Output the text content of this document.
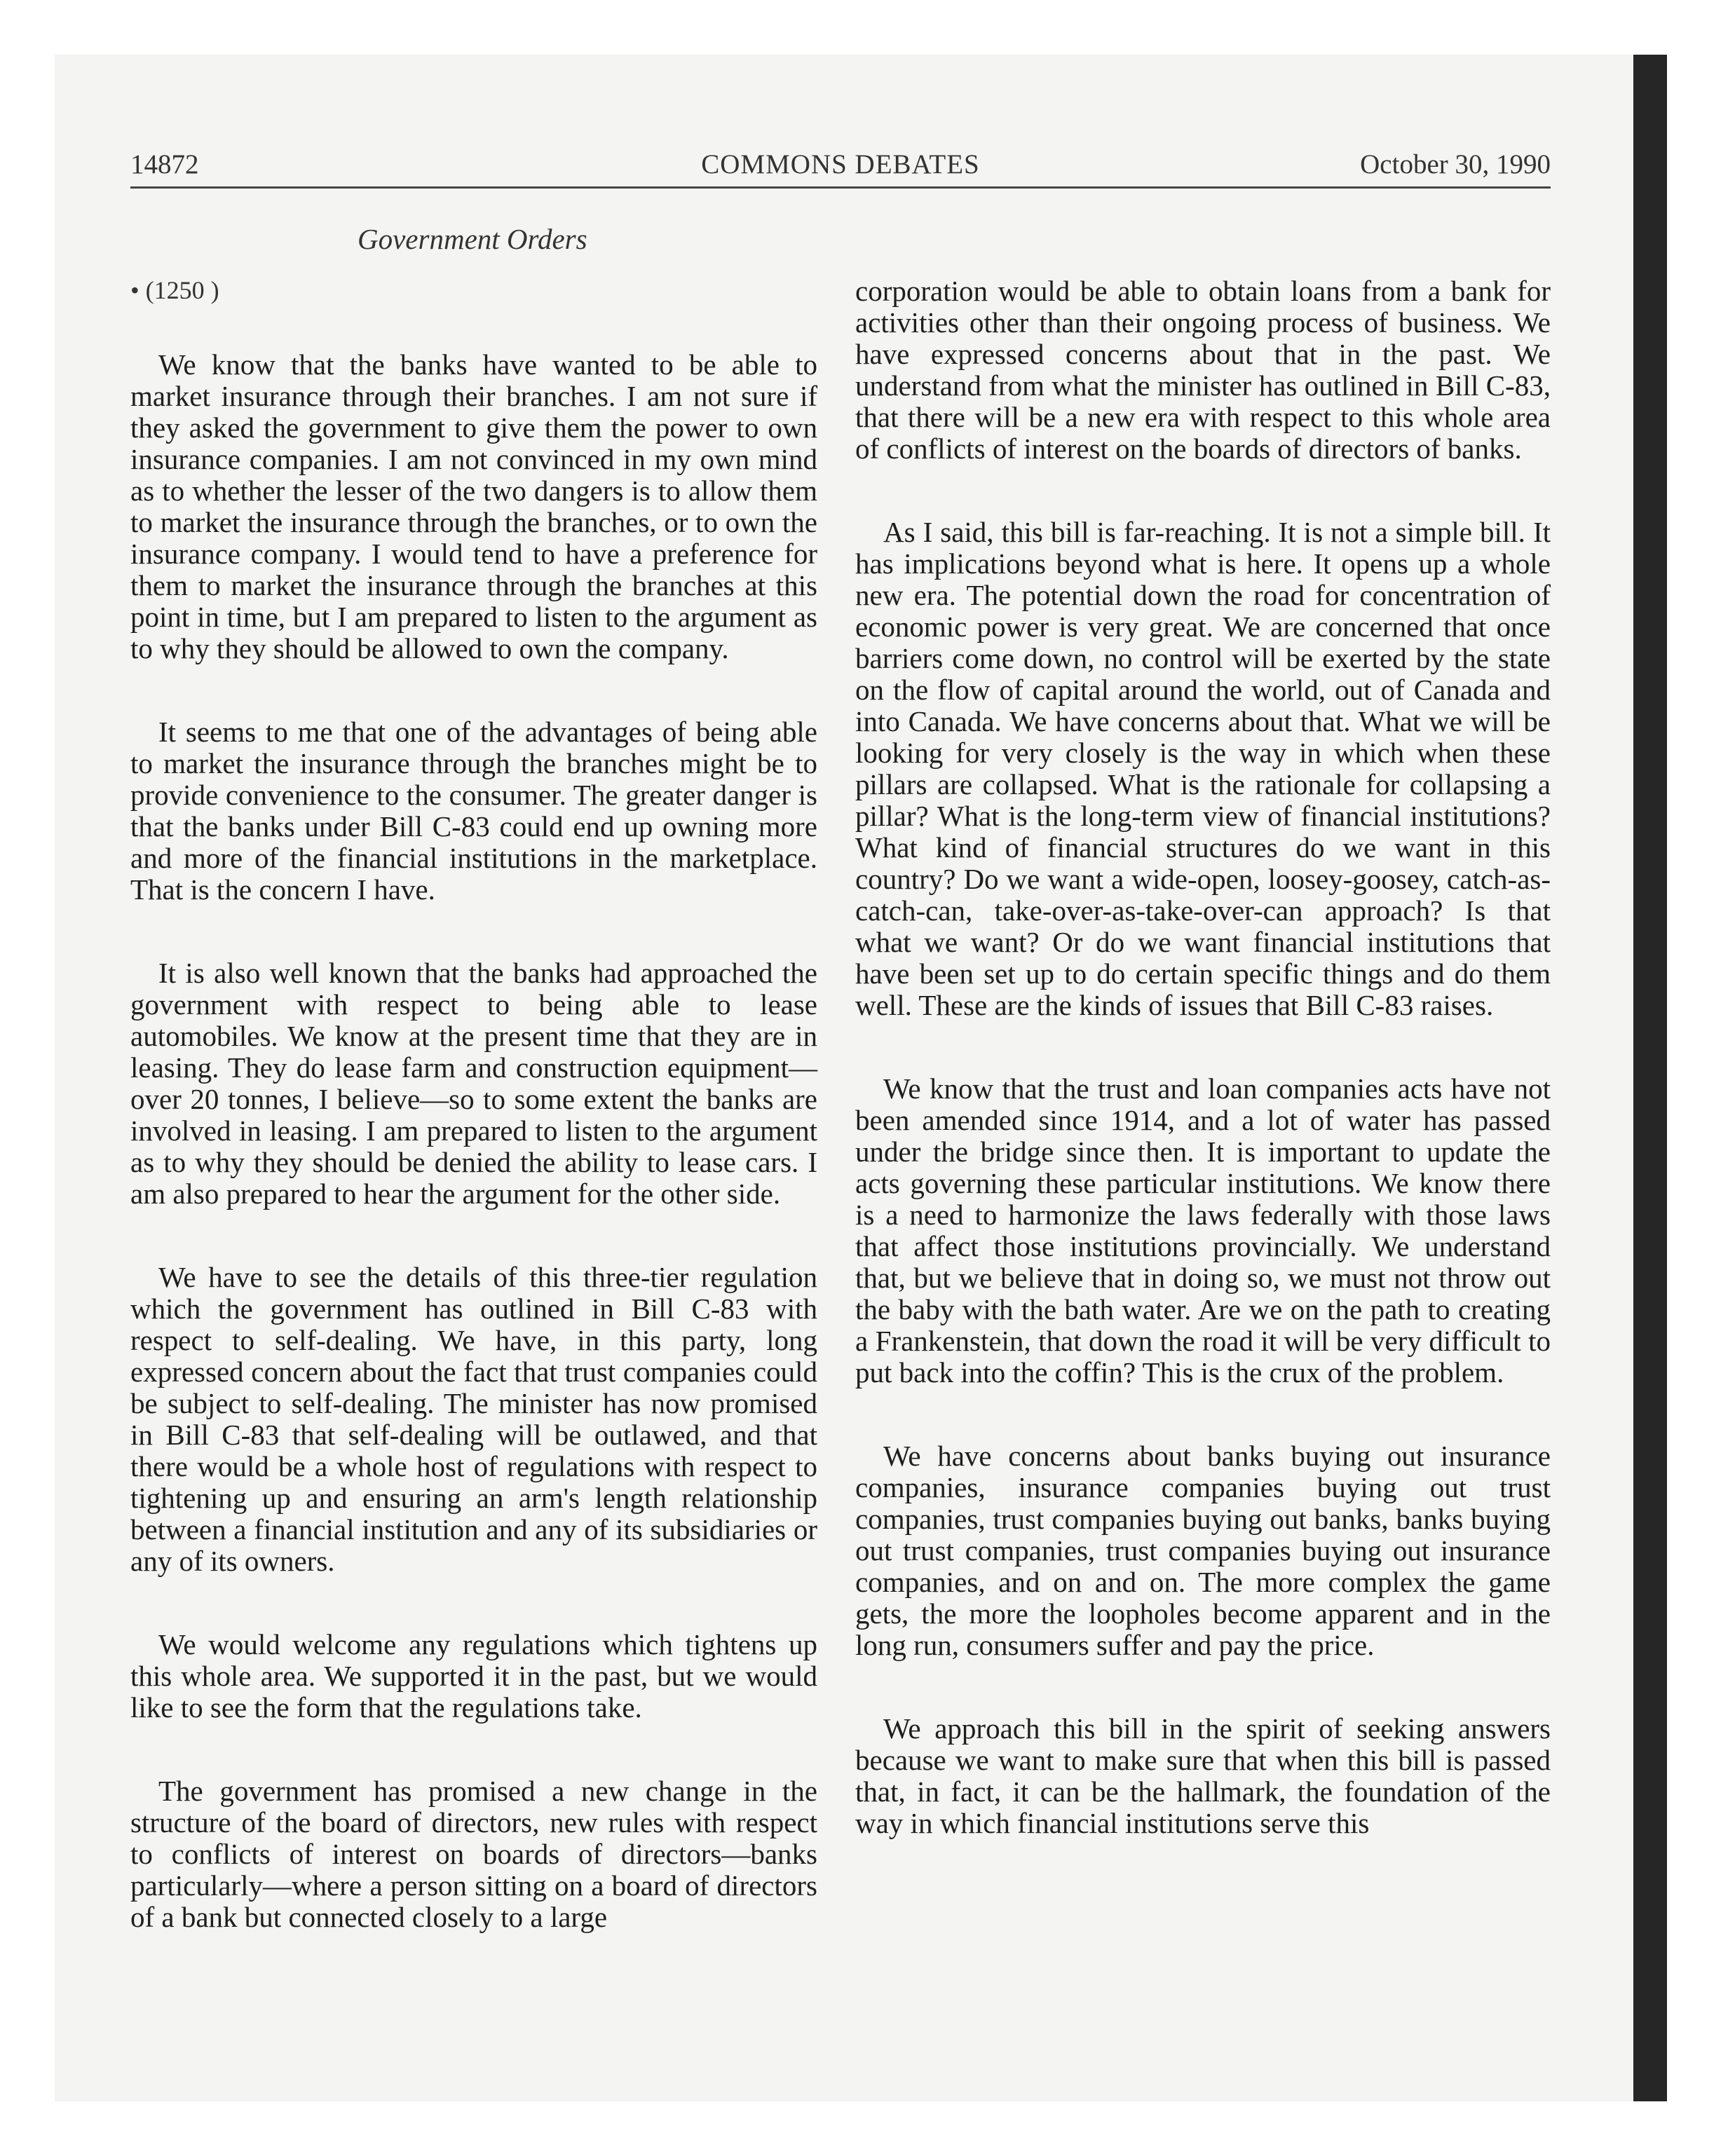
14872	COMMONS DEBATES	October 30, 1990
Government Orders
• (1250 )

We know that the banks have wanted to be able to market insurance through their branches. I am not sure if they asked the government to give them the power to own insurance companies. I am not convinced in my own mind as to whether the lesser of the two dangers is to allow them to market the insurance through the branches, or to own the insurance company. I would tend to have a preference for them to market the insurance through the branches at this point in time, but I am prepared to listen to the argument as to why they should be allowed to own the company.

It seems to me that one of the advantages of being able to market the insurance through the branches might be to provide convenience to the consumer. The greater danger is that the banks under Bill C-83 could end up owning more and more of the financial institutions in the marketplace. That is the concern I have.

It is also well known that the banks had approached the government with respect to being able to lease automobiles. We know at the present time that they are in leasing. They do lease farm and construction equipment—over 20 tonnes, I believe—so to some extent the banks are involved in leasing. I am prepared to listen to the argument as to why they should be denied the ability to lease cars. I am also prepared to hear the argument for the other side.

We have to see the details of this three-tier regulation which the government has outlined in Bill C-83 with respect to self-dealing. We have, in this party, long expressed concern about the fact that trust companies could be subject to self-dealing. The minister has now promised in Bill C-83 that self-dealing will be outlawed, and that there would be a whole host of regulations with respect to tightening up and ensuring an arm's length relationship between a financial institution and any of its subsidiaries or any of its owners.

We would welcome any regulations which tightens up this whole area. We supported it in the past, but we would like to see the form that the regulations take.

The government has promised a new change in the structure of the board of directors, new rules with respect to conflicts of interest on boards of directors—banks particularly—where a person sitting on a board of directors of a bank but connected closely to a large

corporation would be able to obtain loans from a bank for activities other than their ongoing process of business. We have expressed concerns about that in the past. We understand from what the minister has outlined in Bill C-83, that there will be a new era with respect to this whole area of conflicts of interest on the boards of directors of banks.

As I said, this bill is far-reaching. It is not a simple bill. It has implications beyond what is here. It opens up a whole new era. The potential down the road for concentration of economic power is very great. We are concerned that once barriers come down, no control will be exerted by the state on the flow of capital around the world, out of Canada and into Canada. We have concerns about that. What we will be looking for very closely is the way in which when these pillars are collapsed. What is the rationale for collapsing a pillar? What is the long-term view of financial institutions? What kind of financial structures do we want in this country? Do we want a wide-open, loosey-goosey, catch-as-catch-can, take-over-as-take-over-can approach? Is that what we want? Or do we want financial institutions that have been set up to do certain specific things and do them well. These are the kinds of issues that Bill C-83 raises.

We know that the trust and loan companies acts have not been amended since 1914, and a lot of water has passed under the bridge since then. It is important to update the acts governing these particular institutions. We know there is a need to harmonize the laws federally with those laws that affect those institutions provincially. We understand that, but we believe that in doing so, we must not throw out the baby with the bath water. Are we on the path to creating a Frankenstein, that down the road it will be very difficult to put back into the coffin? This is the crux of the problem.

We have concerns about banks buying out insurance companies, insurance companies buying out trust companies, trust companies buying out banks, banks buying out trust companies, trust companies buying out insurance companies, and on and on. The more complex the game gets, the more the loopholes become apparent and in the long run, consumers suffer and pay the price.

We approach this bill in the spirit of seeking answers because we want to make sure that when this bill is passed that, in fact, it can be the hallmark, the foundation of the way in which financial institutions serve this
